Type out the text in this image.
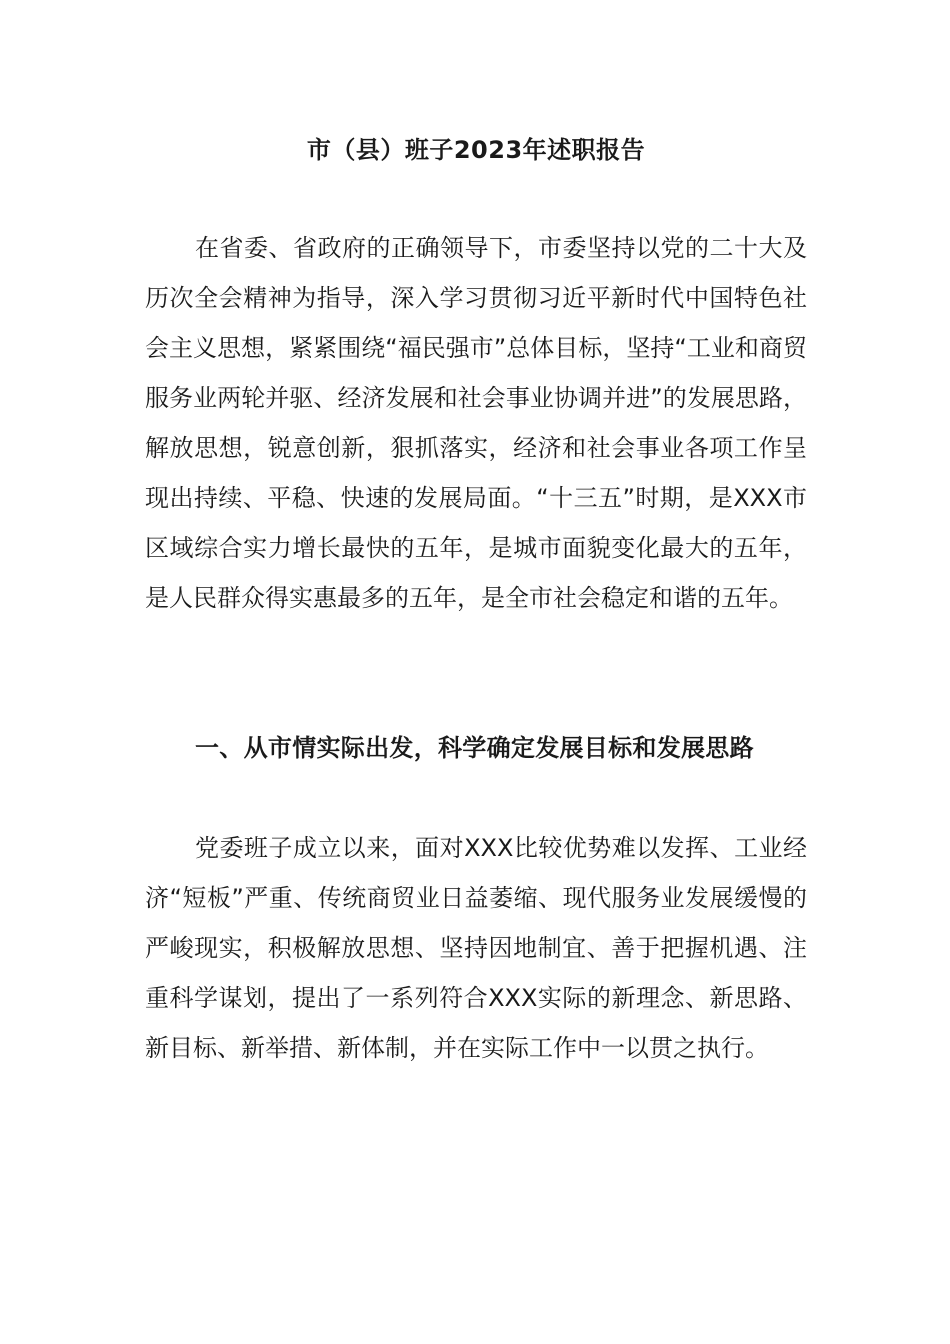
市（县）班子2023年述职报告

在省委、省政府的正确领导下，市委坚持以党的二十大及历次全会精神为指导，深入学习贯彻习近平新时代中国特色社会主义思想，紧紧围绕“福民强市”总体目标，坚持“工业和商贸服务业两轮并驱、经济发展和社会事业协调并进”的发展思路，解放思想，锐意创新，狠抓落实，经济和社会事业各项工作呈现出持续、平稳、快速的发展局面。“十三五”时期，是XXX市区域综合实力增长最快的五年，是城市面貌变化最大的五年，是人民群众得实惠最多的五年，是全市社会稳定和谐的五年。

一、从市情实际出发，科学确定发展目标和发展思路

党委班子成立以来，面对XXX比较优势难以发挥、工业经济“短板”严重、传统商贸业日益萎缩、现代服务业发展缓慢的严峻现实，积极解放思想、坚持因地制宜、善于把握机遇、注重科学谋划，提出了一系列符合XXX实际的新理念、新思路、新目标、新举措、新体制，并在实际工作中一以贯之执行。
